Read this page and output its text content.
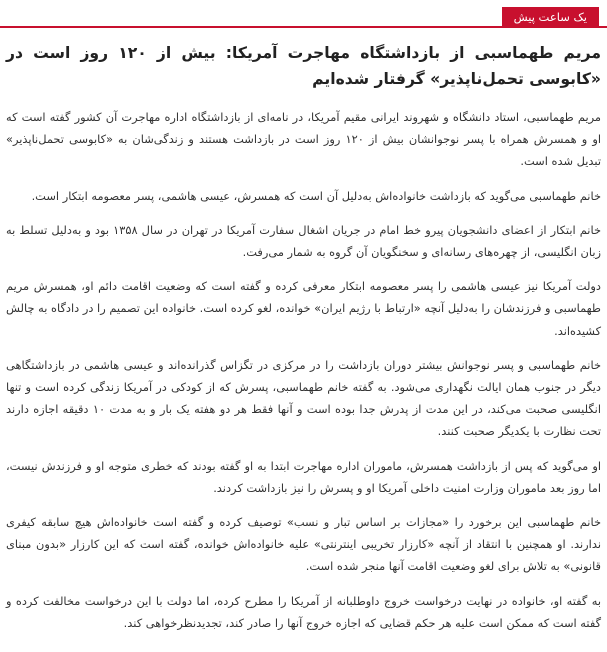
یک ساعت پیش
مریم طهماسبی از بازداشتگاه مهاجرت آمریکا: بیش از ۱۲۰ روز است در «کابوسی تحمل‌ناپذیر» گرفتار شده‌ایم

مریم طهماسبی، استاد دانشگاه و شهروند ایرانی مقیم آمریکا، در نامه‌ای از بازداشتگاه اداره مهاجرت آن کشور گفته است که او و همسرش همراه با پسر نوجوانشان بیش از ۱۲۰ روز است در بازداشت هستند و زندگی‌شان به «کابوسی تحمل‌ناپذیر» تبدیل شده است.

خانم طهماسبی می‌گوید که بازداشت خانواده‌اش به‌دلیل آن است که همسرش، عیسی هاشمی، پسر معصومه ابتکار است.

خانم ابتکار از اعضای دانشجویان پیرو خط امام در جریان اشغال سفارت آمریکا در تهران در سال ۱۳۵۸ بود و به‌دلیل تسلط به زبان انگلیسی، از چهره‌های رسانه‌ای و سخنگویان آن گروه به شمار می‌رفت.

دولت آمریکا نیز عیسی هاشمی را پسر معصومه ابتکار معرفی کرده و گفته است که وضعیت اقامت دائم او، همسرش مریم طهماسبی و فرزندشان را به‌دلیل آنچه «ارتباط با رژیم ایران» خوانده، لغو کرده است. خانواده این تصمیم را در دادگاه به چالش کشیده‌اند.

خانم طهماسبی و پسر نوجوانش بیشتر دوران بازداشت را در مرکزی در تگزاس گذرانده‌اند و عیسی هاشمی در بازداشتگاهی دیگر در جنوب همان ایالت نگهداری می‌شود. به گفته خانم طهماسبی، پسرش که از کودکی در آمریکا زندگی کرده است و تنها انگلیسی صحبت می‌کند، در این مدت از پدرش جدا بوده است و آنها فقط هر دو هفته یک بار و به مدت ۱۰ دقیقه اجازه دارند تحت نظارت با یکدیگر صحبت کنند.

او می‌گوید که پس از بازداشت همسرش، ماموران اداره مهاجرت ابتدا به او گفته بودند که خطری متوجه او و فرزندش نیست، اما روز بعد ماموران وزارت امنیت داخلی آمریکا او و پسرش را نیز بازداشت کردند.

خانم طهماسبی این برخورد را «مجازات بر اساس تبار و نسب» توصیف کرده و گفته است خانواده‌اش هیچ سابقه کیفری ندارند. او همچنین با انتقاد از آنچه «کارزار تخریبی اینترنتی» علیه خانواده‌اش خوانده، گفته است که این کارزار «بدون مبنای قانونی» به تلاش برای لغو وضعیت اقامت آنها منجر شده است.

به گفته او، خانواده در نهایت درخواست خروج داوطلبانه از آمریکا را مطرح کرده، اما دولت با این درخواست مخالفت کرده و گفته است که ممکن است علیه هر حکم قضایی که اجازه خروج آنها را صادر کند، تجدیدنظرخواهی کند.
